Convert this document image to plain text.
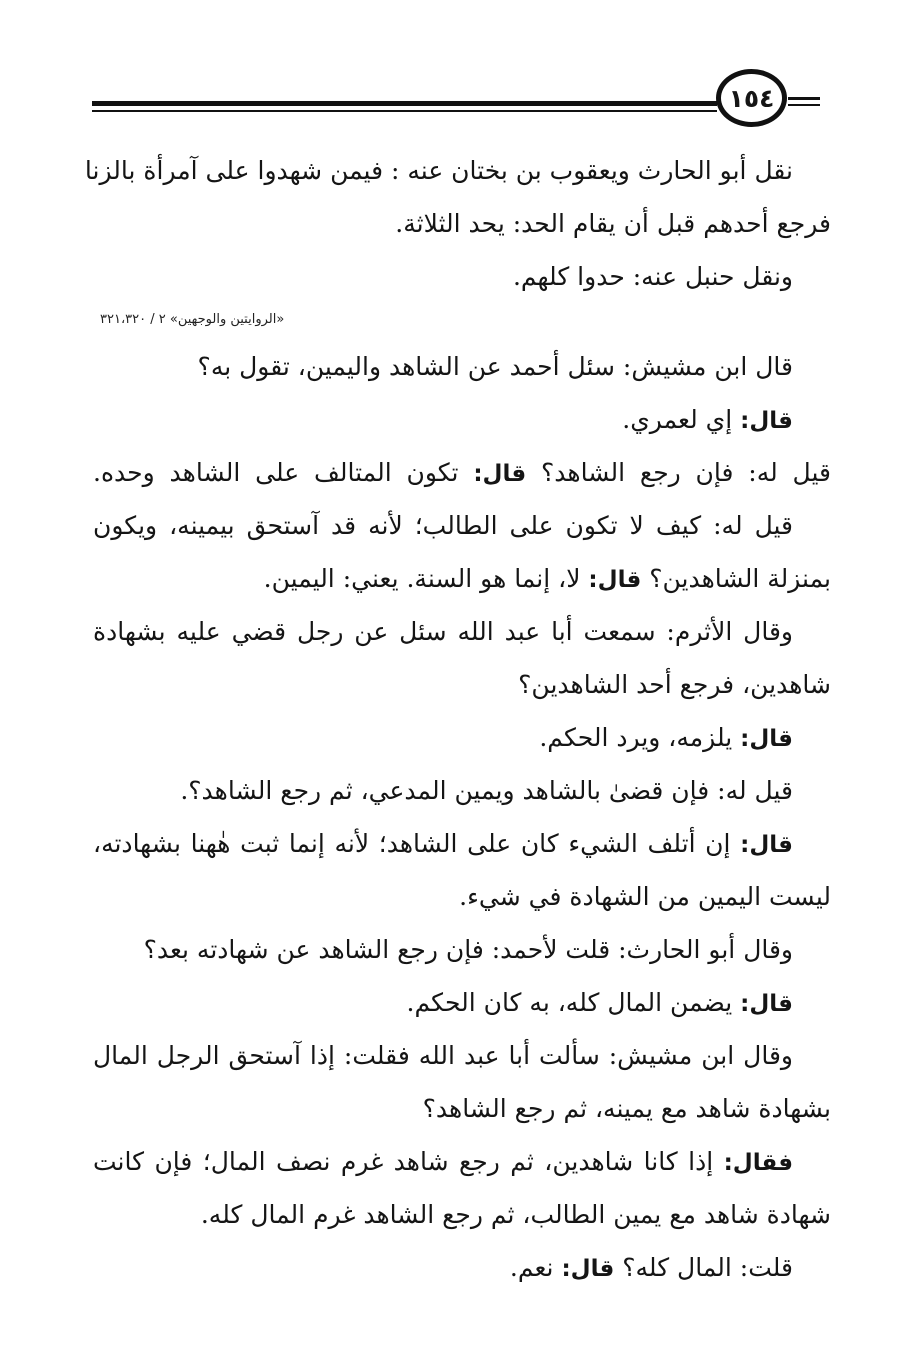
١٥٤
نقل أبو الحارث ويعقوب بن بختان عنه : فيمن شهدوا على آمرأة بالزنا
فرجع أحدهم قبل أن يقام الحد: يحد الثلاثة.
ونقل حنبل عنه: حدوا كلهم.
«الروايتين والوجهين» ٢ / ٣٢١،٣٢٠
قال ابن مشيش: سئل أحمد عن الشاهد واليمين، تقول به؟
قال: إي لعمري.
قيل له: فإن رجع الشاهد؟ قال: تكون المتالف على الشاهد وحده.
قيل له: كيف لا تكون على الطالب؛ لأنه قد آستحق بيمينه، ويكون
بمنزلة الشاهدين؟ قال: لا، إنما هو السنة. يعني: اليمين.
وقال الأثرم: سمعت أبا عبد الله سئل عن رجل قضي عليه بشهادة
شاهدين، فرجع أحد الشاهدين؟
قال: يلزمه، ويرد الحكم.
قيل له: فإن قضىٰ بالشاهد ويمين المدعي، ثم رجع الشاهد؟.
قال: إن أتلف الشيء كان على الشاهد؛ لأنه إنما ثبت هٰهنا بشهادته،
ليست اليمين من الشهادة في شيء.
وقال أبو الحارث: قلت لأحمد: فإن رجع الشاهد عن شهادته بعد؟
قال: يضمن المال كله، به كان الحكم.
وقال ابن مشيش: سألت أبا عبد الله فقلت: إذا آستحق الرجل المال
بشهادة شاهد مع يمينه، ثم رجع الشاهد؟
فقال: إذا كانا شاهدين، ثم رجع شاهد غرم نصف المال؛ فإن كانت
شهادة شاهد مع يمين الطالب، ثم رجع الشاهد غرم المال كله.
قلت: المال كله؟ قال: نعم.
